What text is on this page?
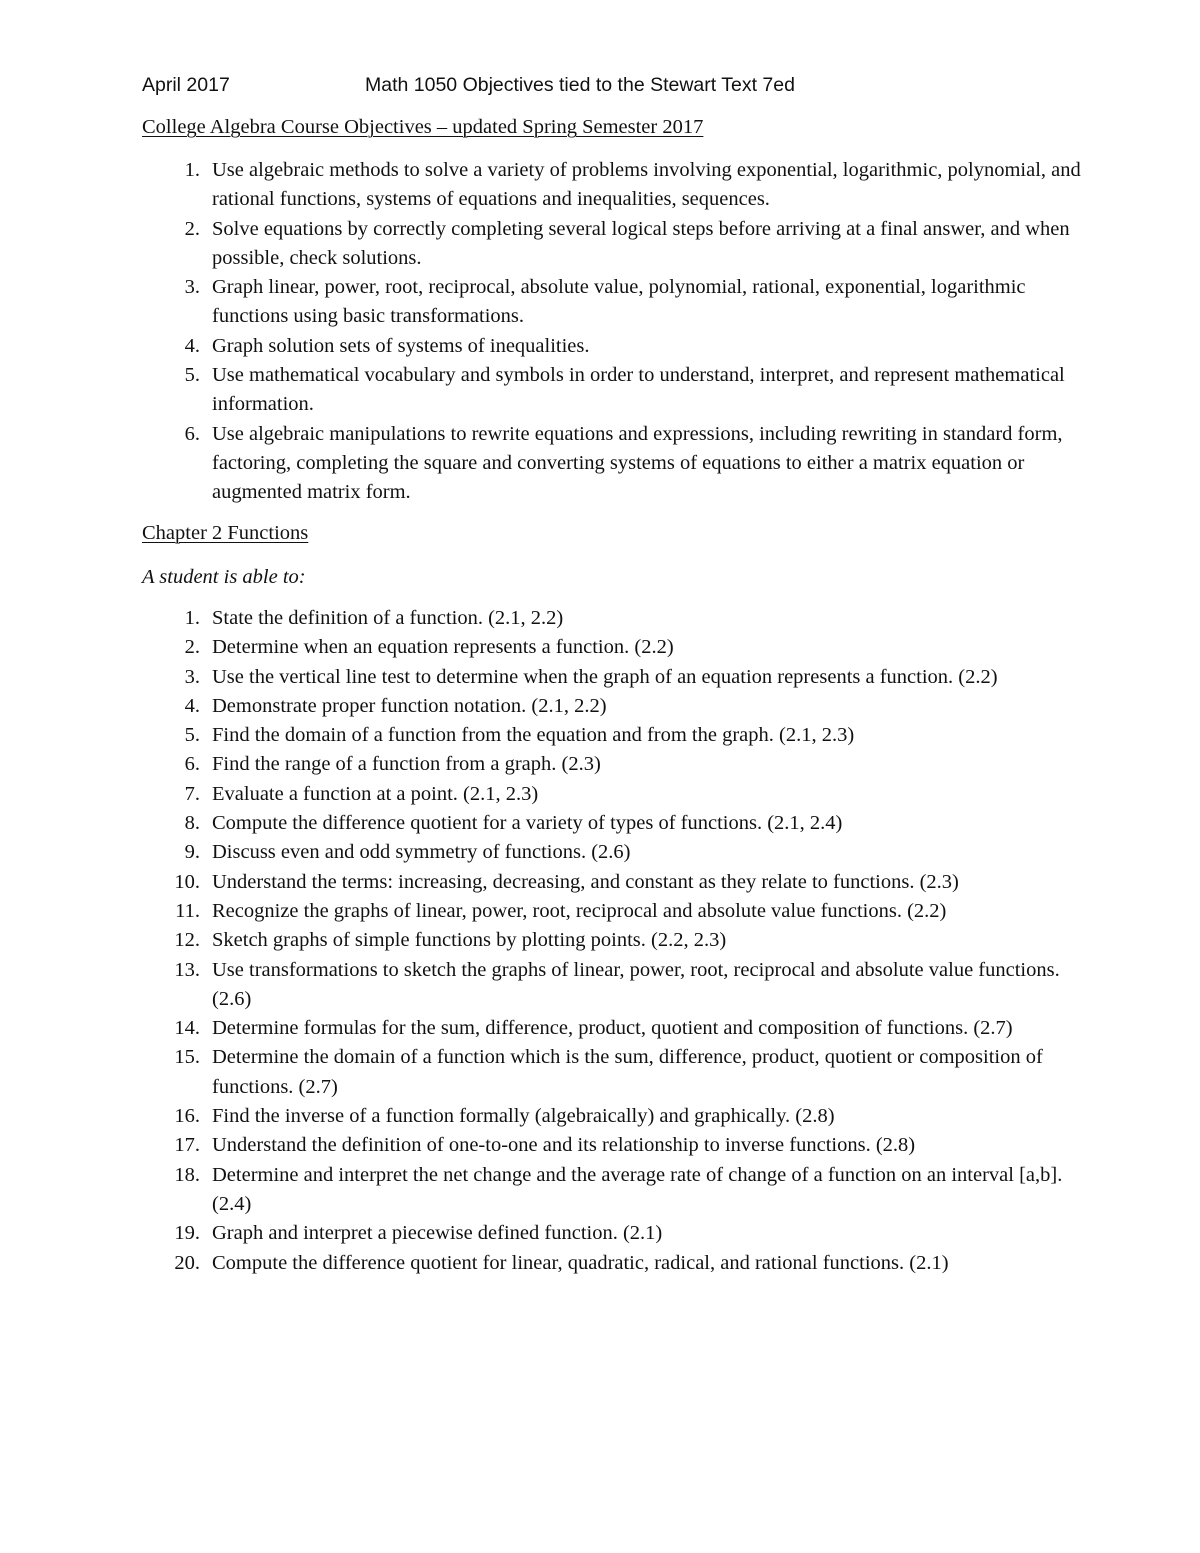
April 2017	Math 1050 Objectives tied to the Stewart Text 7ed
College Algebra Course Objectives – updated Spring Semester 2017
1. Use algebraic methods to solve a variety of problems involving exponential, logarithmic, polynomial, and rational functions, systems of equations and inequalities, sequences.
2. Solve equations by correctly completing several logical steps before arriving at a final answer, and when possible, check solutions.
3. Graph linear, power, root, reciprocal, absolute value, polynomial, rational, exponential, logarithmic functions using basic transformations.
4. Graph solution sets of systems of inequalities.
5. Use mathematical vocabulary and symbols in order to understand, interpret, and represent mathematical information.
6. Use algebraic manipulations to rewrite equations and expressions, including rewriting in standard form, factoring, completing the square and converting systems of equations to either a matrix equation or augmented matrix form.
Chapter 2 Functions
A student is able to:
1. State the definition of a function. (2.1, 2.2)
2. Determine when an equation represents a function. (2.2)
3. Use the vertical line test to determine when the graph of an equation represents a function. (2.2)
4. Demonstrate proper function notation. (2.1, 2.2)
5. Find the domain of a function from the equation and from the graph. (2.1, 2.3)
6. Find the range of a function from a graph. (2.3)
7. Evaluate a function at a point. (2.1, 2.3)
8. Compute the difference quotient for a variety of types of functions. (2.1, 2.4)
9. Discuss even and odd symmetry of functions. (2.6)
10. Understand the terms: increasing, decreasing, and constant as they relate to functions. (2.3)
11. Recognize the graphs of linear, power, root, reciprocal and absolute value functions. (2.2)
12. Sketch graphs of simple functions by plotting points. (2.2, 2.3)
13. Use transformations to sketch the graphs of linear, power, root, reciprocal and absolute value functions. (2.6)
14. Determine formulas for the sum, difference, product, quotient and composition of functions. (2.7)
15. Determine the domain of a function which is the sum, difference, product, quotient or composition of functions. (2.7)
16. Find the inverse of a function formally (algebraically) and graphically. (2.8)
17. Understand the definition of one-to-one and its relationship to inverse functions. (2.8)
18. Determine and interpret the net change and the average rate of change of a function on an interval [a,b]. (2.4)
19. Graph and interpret a piecewise defined function. (2.1)
20. Compute the difference quotient for linear, quadratic, radical, and rational functions. (2.1)
